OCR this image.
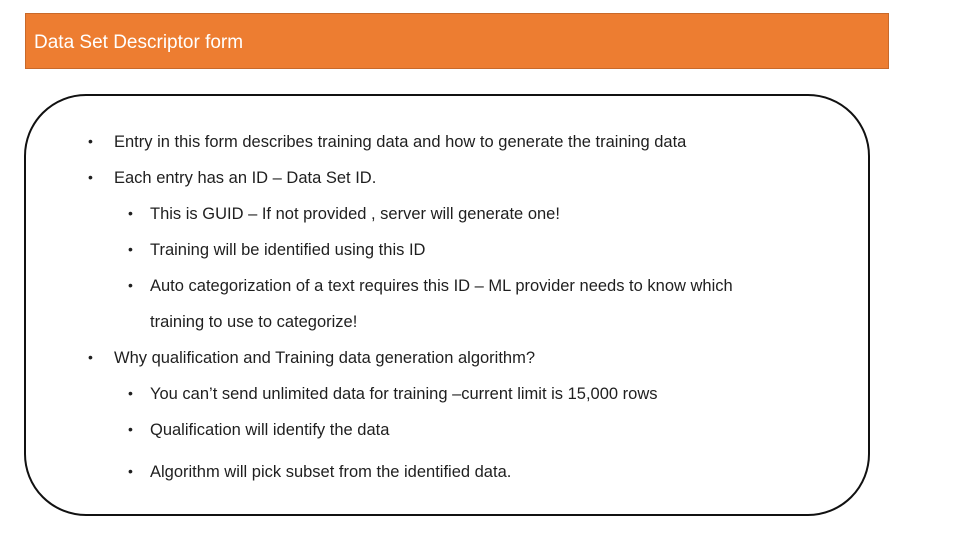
Data Set Descriptor form
• Entry in this form describes training data and how to generate the training data
• Each entry has an ID – Data Set ID.
• This is GUID – If not provided , server will generate one!
• Training will be identified using this ID
• Auto categorization of a text requires this ID – ML provider needs to know which
training to use to categorize!
• Why qualification and Training data generation algorithm?
• You can’t send unlimited data for training –current limit is 15,000 rows
• Qualification will identify the data
• Algorithm will pick subset from the identified data.
